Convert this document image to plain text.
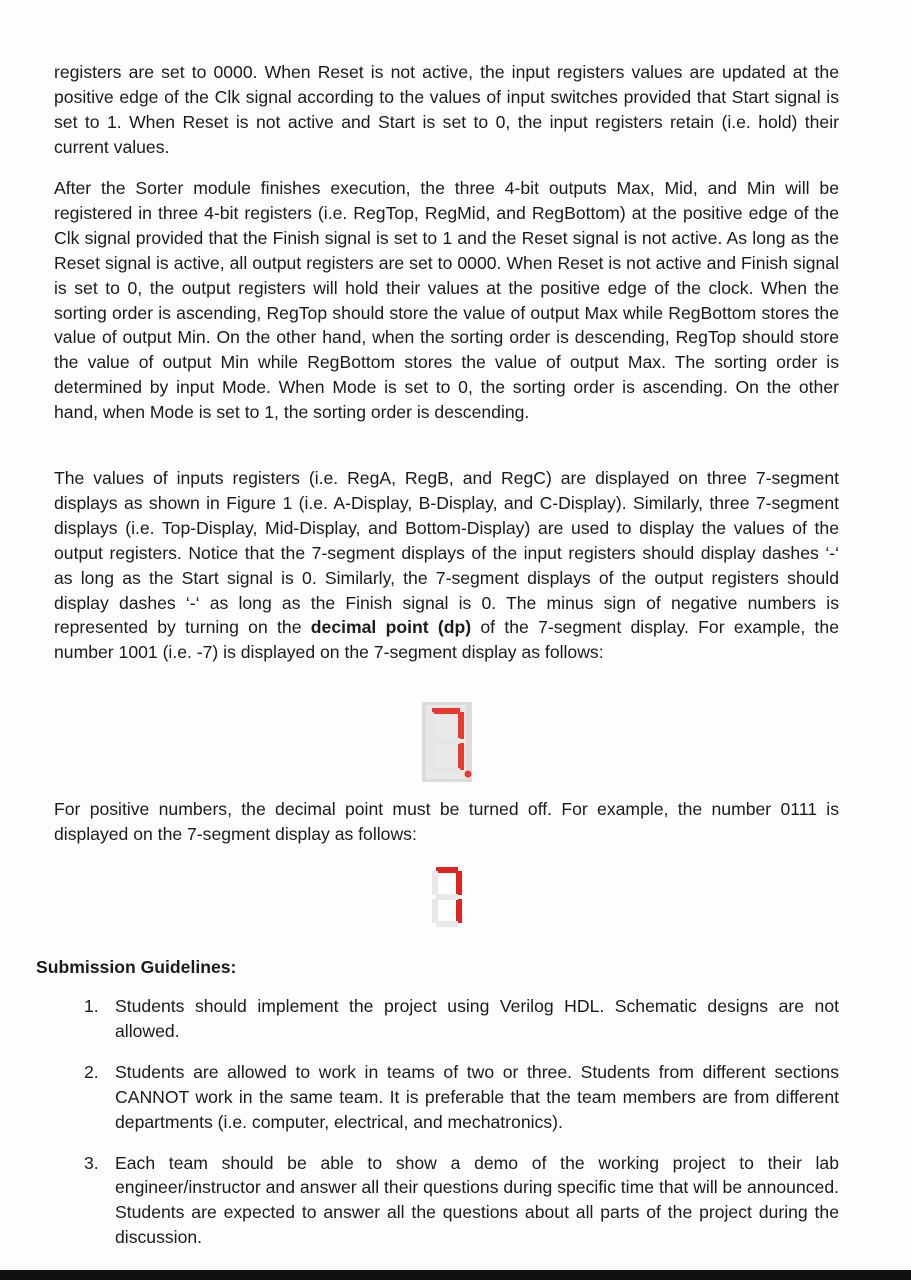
registers are set to 0000. When Reset is not active, the input registers values are updated at the positive edge of the Clk signal according to the values of input switches provided that Start signal is set to 1. When Reset is not active and Start is set to 0, the input registers retain (i.e. hold) their current values.

After the Sorter module finishes execution, the three 4-bit outputs Max, Mid, and Min will be registered in three 4-bit registers (i.e. RegTop, RegMid, and RegBottom) at the positive edge of the Clk signal provided that the Finish signal is set to 1 and the Reset signal is not active. As long as the Reset signal is active, all output registers are set to 0000. When Reset is not active and Finish signal is set to 0, the output registers will hold their values at the positive edge of the clock. When the sorting order is ascending, RegTop should store the value of output Max while RegBottom stores the value of output Min. On the other hand, when the sorting order is descending, RegTop should store the value of output Min while RegBottom stores the value of output Max. The sorting order is determined by input Mode. When Mode is set to 0, the sorting order is ascending. On the other hand, when Mode is set to 1, the sorting order is descending.

The values of inputs registers (i.e. RegA, RegB, and RegC) are displayed on three 7-segment displays as shown in Figure 1 (i.e. A-Display, B-Display, and C-Display). Similarly, three 7-segment displays (i.e. Top-Display, Mid-Display, and Bottom-Display) are used to display the values of the output registers. Notice that the 7-segment displays of the input registers should display dashes ‘-‘ as long as the Start signal is 0. Similarly, the 7-segment displays of the output registers should display dashes ‘-‘ as long as the Finish signal is 0. The minus sign of negative numbers is represented by turning on the decimal point (dp) of the 7-segment display. For example, the number 1001 (i.e. -7) is displayed on the 7-segment display as follows:

For positive numbers, the decimal point must be turned off. For example, the number 0111 is displayed on the 7-segment display as follows:

Submission Guidelines:
1. Students should implement the project using Verilog HDL. Schematic designs are not allowed.
2. Students are allowed to work in teams of two or three. Students from different sections CANNOT work in the same team. It is preferable that the team members are from different departments (i.e. computer, electrical, and mechatronics).
3. Each team should be able to show a demo of the working project to their lab engineer/instructor and answer all their questions during specific time that will be announced. Students are expected to answer all the questions about all parts of the project during the discussion.
